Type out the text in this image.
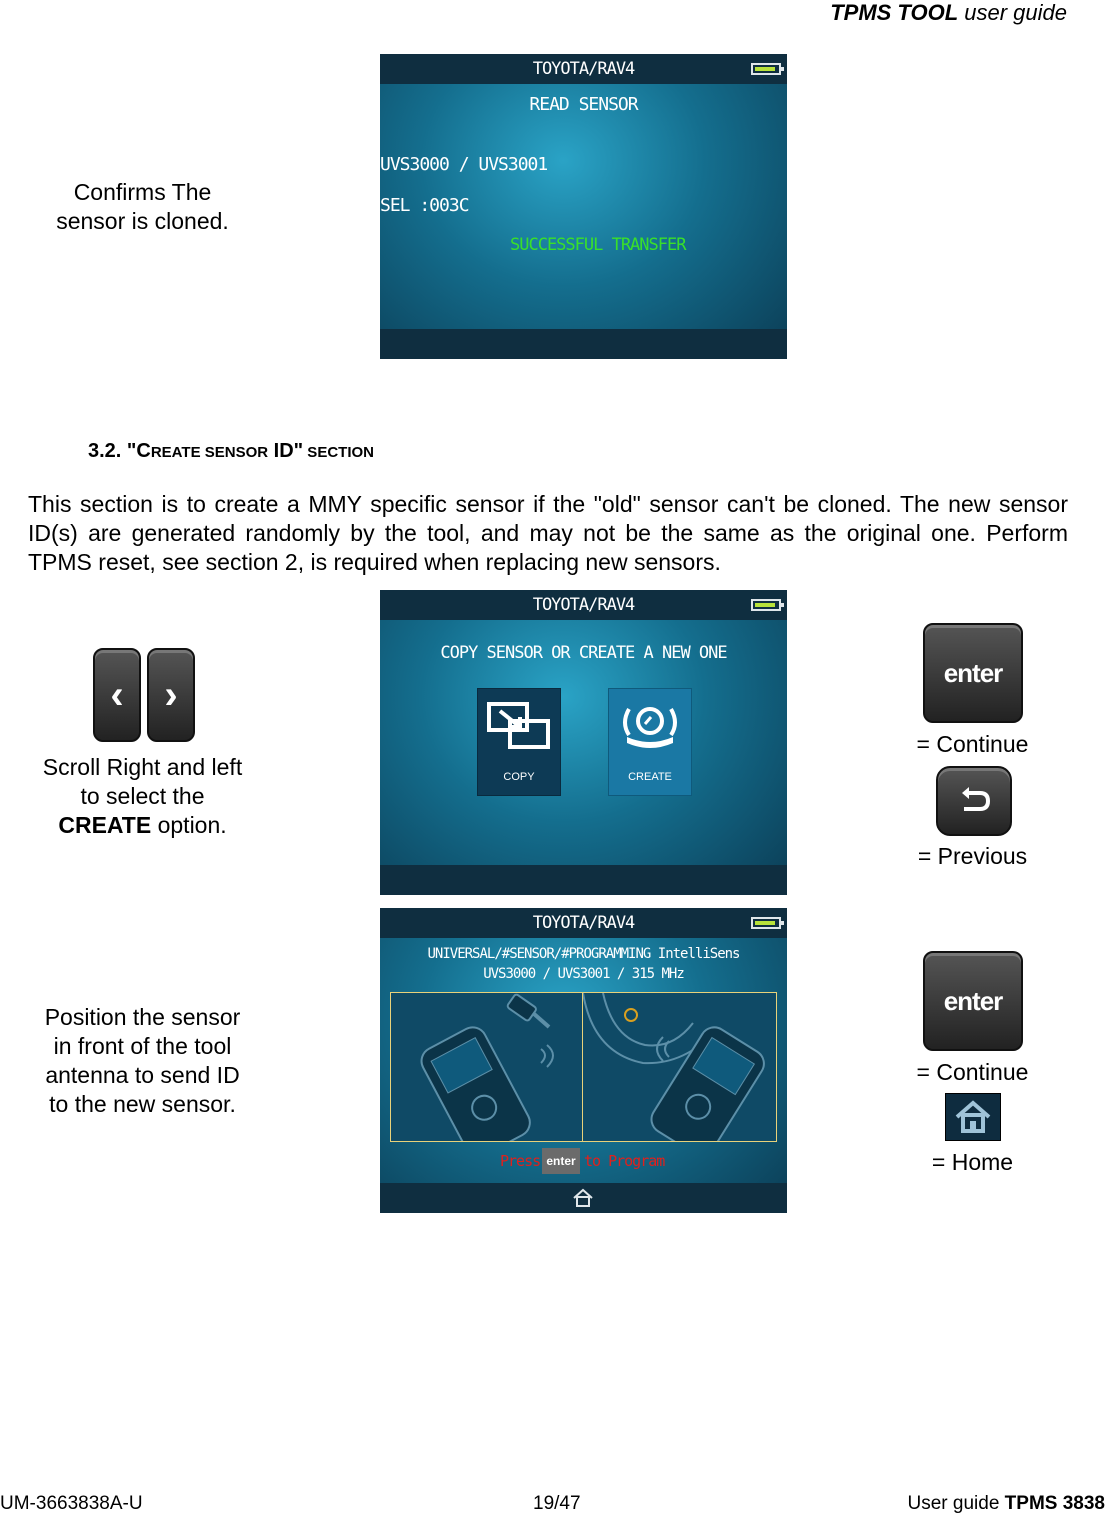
TPMS TOOL user guide
TOYOTA/RAV4
READ SENSOR
UVS3000 / UVS3001
SEL :003C
SUCCESSFUL TRANSFER
Confirms The
sensor is cloned.
3.2. "CREATE SENSOR ID" SECTION
This section is to create a MMY specific sensor if the "old" sensor can't be cloned. The new sensor ID(s) are generated randomly by the tool, and may not be the same as the original one. Perform TPMS reset, see section 2, is required when replacing new sensors.
TOYOTA/RAV4
COPY SENSOR OR CREATE A NEW ONE
COPY	CREATE
‹ ›
Scroll Right and left
to select the
CREATE option.
enter
= Continue
= Previous
TOYOTA/RAV4
UNIVERSAL/#SENSOR/#PROGRAMMING IntelliSens
UVS3000 / UVS3001 / 315 MHz
Press enter to Program
Position the sensor
in front of the tool
antenna to send ID
to the new sensor.
enter
= Continue
= Home
UM-3663838A-U	19/47	User guide TPMS 3838
